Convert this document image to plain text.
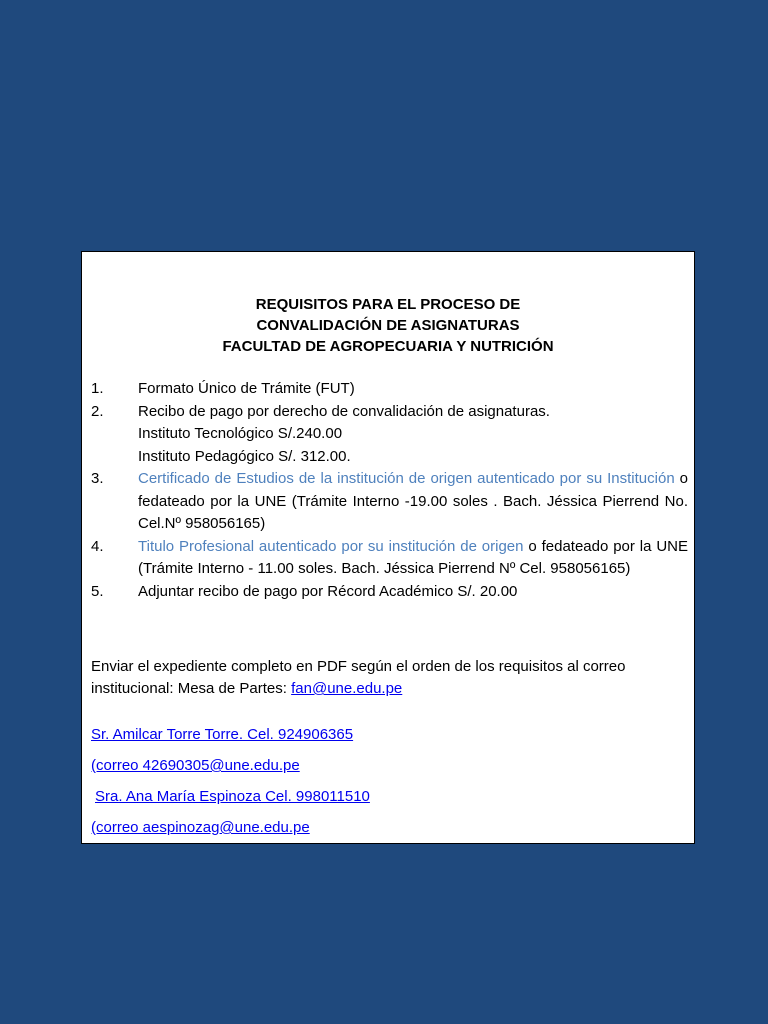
REQUISITOS PARA EL PROCESO DE
CONVALIDACIÓN DE ASIGNATURAS
FACULTAD DE AGROPECUARIA Y NUTRICIÓN
1. Formato Único de Trámite (FUT)
2. Recibo de pago por derecho de convalidación de asignaturas.
Instituto Tecnológico S/.240.00
Instituto Pedagógico S/. 312.00.
3. Certificado de Estudios de la institución de origen autenticado por su Institución o fedateado por la UNE (Trámite Interno -19.00 soles . Bach. Jéssica Pierrend No. Cel.Nº 958056165)
4. Titulo Profesional autenticado por su institución de origen o fedateado por la UNE (Trámite Interno - 11.00 soles. Bach. Jéssica Pierrend Nº Cel. 958056165)
5. Adjuntar recibo de pago por Récord Académico S/. 20.00
Enviar el expediente completo en PDF según el orden de los requisitos al correo institucional: Mesa de Partes: fan@une.edu.pe
Sr. Amilcar Torre Torre. Cel. 924906365
(correo 42690305@une.edu.pe
Sra. Ana María Espinoza Cel. 998011510
(correo aespinozag@une.edu.pe
